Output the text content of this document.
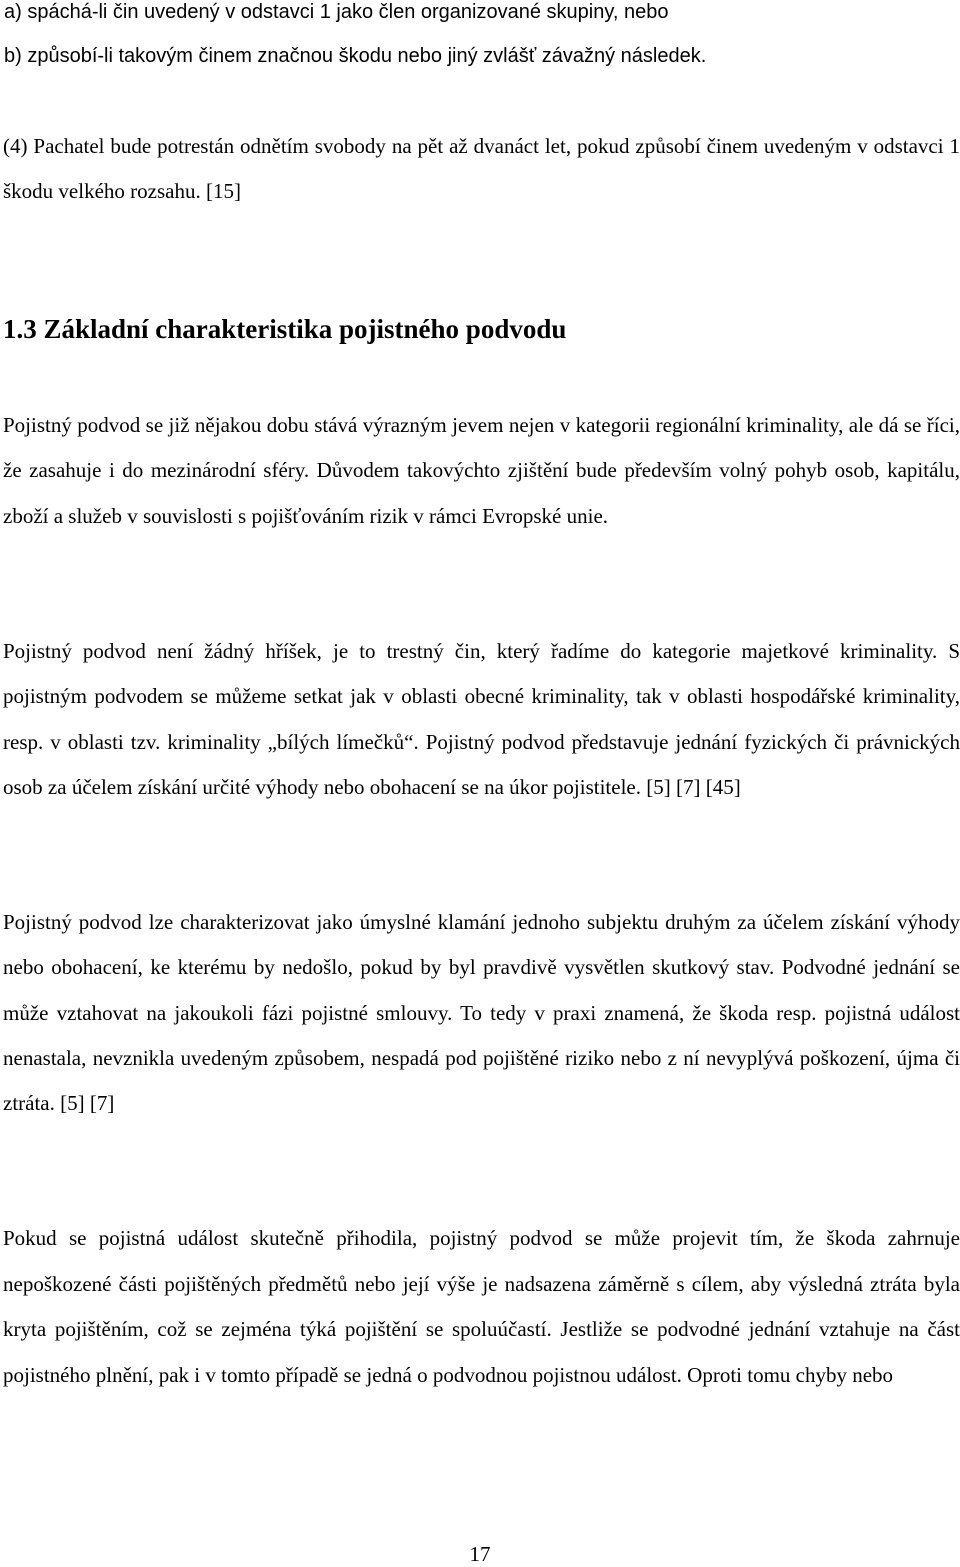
a) spáchá-li čin uvedený v odstavci 1 jako člen organizované skupiny, nebo
b) způsobí-li takovým činem značnou škodu nebo jiný zvlášť závažný následek.

(4) Pachatel bude potrestán odnětím svobody na pět až dvanáct let, pokud způsobí činem uvedeným v odstavci 1 škodu velkého rozsahu. [15]

1.3 Základní charakteristika pojistného podvodu

Pojistný podvod se již nějakou dobu stává výrazným jevem nejen v kategorii regionální kriminality, ale dá se říci, že zasahuje i do mezinárodní sféry. Důvodem takovýchto zjištění bude především volný pohyb osob, kapitálu, zboží a služeb v souvislosti s pojišťováním rizik v rámci Evropské unie.

Pojistný podvod není žádný hříšek, je to trestný čin, který řadíme do kategorie majetkové kriminality. S pojistným podvodem se můžeme setkat jak v oblasti obecné kriminality, tak v oblasti hospodářské kriminality, resp. v oblasti tzv. kriminality „bílých límečků“. Pojistný podvod představuje jednání fyzických či právnických osob za účelem získání určité výhody nebo obohacení se na úkor pojistitele. [5] [7] [45]

Pojistný podvod lze charakterizovat jako úmyslné klamání jednoho subjektu druhým za účelem získání výhody nebo obohacení, ke kterému by nedošlo, pokud by byl pravdivě vysvětlen skutkový stav. Podvodné jednání se může vztahovat na jakoukoli fázi pojistné smlouvy. To tedy v praxi znamená, že škoda resp. pojistná událost nenastala, nevznikla uvedeným způsobem, nespadá pod pojištěné riziko nebo z ní nevyplývá poškození, újma či ztráta. [5] [7]

Pokud se pojistná událost skutečně přihodila, pojistný podvod se může projevit tím, že škoda zahrnuje nepoškozené části pojištěných předmětů nebo její výše je nadsazena záměrně s cílem, aby výsledná ztráta byla kryta pojištěním, což se zejména týká pojištění se spoluúčastí. Jestliže se podvodné jednání vztahuje na část pojistného plnění, pak i v tomto případě se jedná o podvodnou pojistnou událost. Oproti tomu chyby nebo

17
